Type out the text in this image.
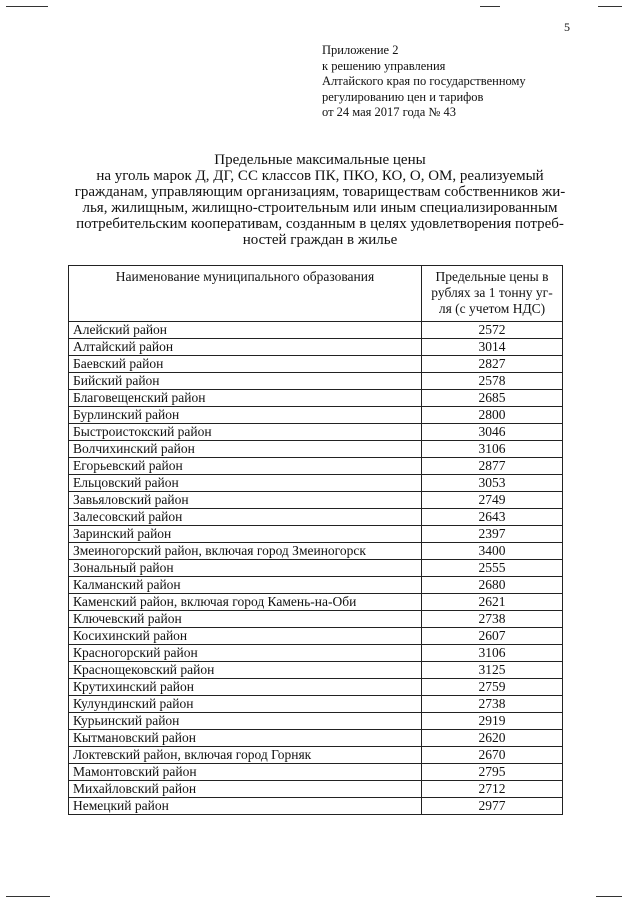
5
Приложение 2
к решению управления
Алтайского края по государственному
регулированию цен и тарифов
от 24 мая 2017 года № 43
Предельные максимальные цены
на уголь марок Д, ДГ, СС классов ПК, ПКО, КО, О, ОМ, реализуемый
гражданам, управляющим организациям, товариществам собственников жи-
лья, жилищным, жилищно-строительным или иным специализированным
потребительским кооперативам, созданным в целях удовлетворения потреб-
ностей граждан в жилье
Наименование муниципального образования	Предельные цены в рублях за 1 тонну уг-ля (с учетом НДС)
Алейский район	2572
Алтайский район	3014
Баевский район	2827
Бийский район	2578
Благовещенский район	2685
Бурлинский район	2800
Быстроистокский район	3046
Волчихинский район	3106
Егорьевский район	2877
Ельцовский район	3053
Завьяловский район	2749
Залесовский район	2643
Заринский район	2397
Змеиногорский район, включая город Змеиногорск	3400
Зональный район	2555
Калманский район	2680
Каменский район, включая город Камень-на-Оби	2621
Ключевский район	2738
Косихинский район	2607
Красногорский район	3106
Краснощековский район	3125
Крутихинский район	2759
Кулундинский район	2738
Курьинский район	2919
Кытмановский район	2620
Локтевский район, включая город Горняк	2670
Мамонтовский район	2795
Михайловский район	2712
Немецкий район	2977
